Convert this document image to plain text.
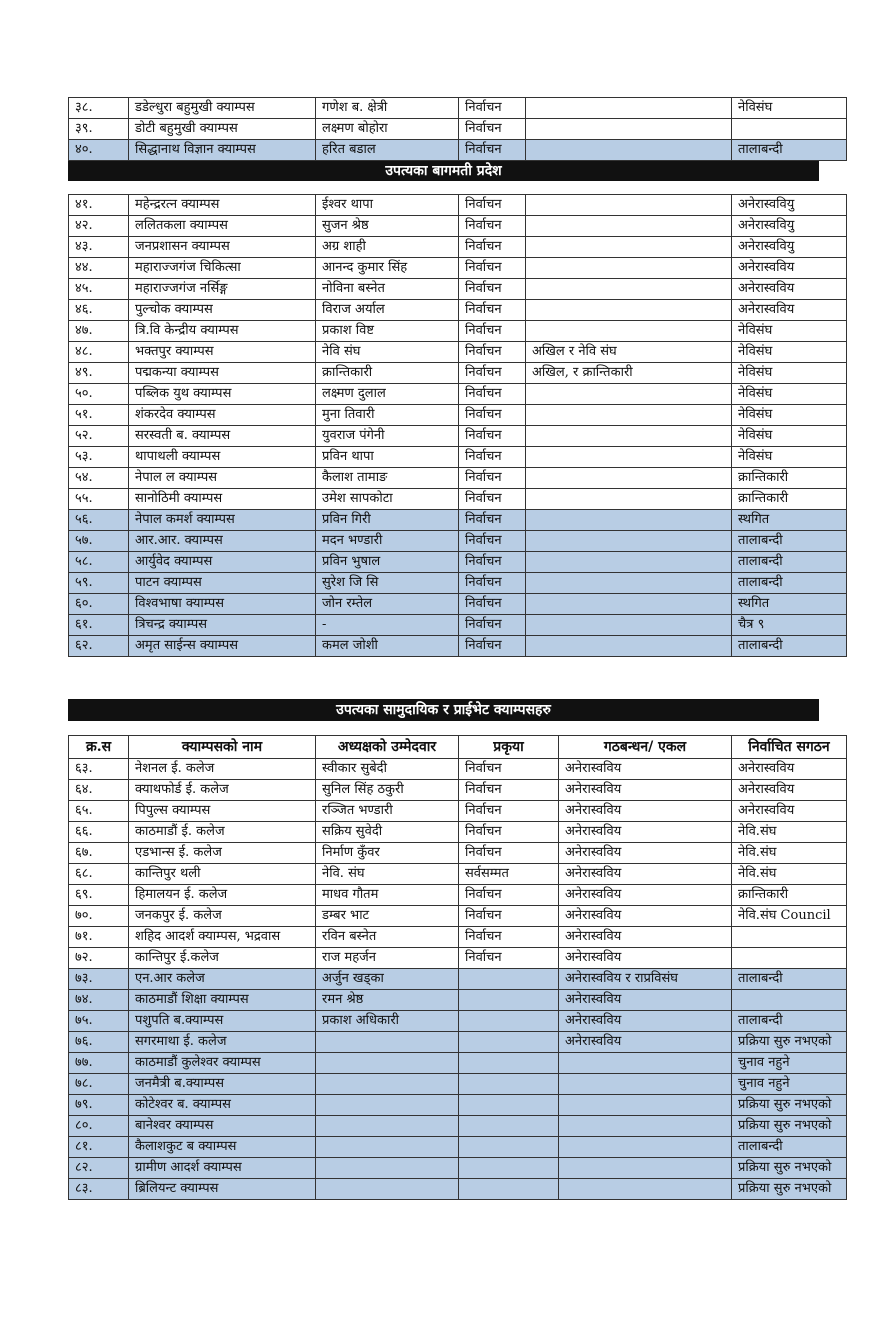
३८.	डडेल्धुरा बहुमुखी क्याम्पस	गणेश ब. क्षेत्री	निर्वाचन		नेविसंघ
३९.	डोटी बहुमुखी क्याम्पस	लक्ष्मण बोहोरा	निर्वाचन		
४०.	सिद्धानाथ विज्ञान क्याम्पस	हरित बडाल	निर्वाचन		तालाबन्दी
उपत्यका बागमती प्रदेश
४१.	महेन्द्ररत्न क्याम्पस	ईश्वर थापा	निर्वाचन		अनेरास्ववियु
४२.	ललितकला क्याम्पस	सुजन श्रेष्ठ	निर्वाचन		अनेरास्ववियु
४३.	जनप्रशासन क्याम्पस	अग्र शाही	निर्वाचन		अनेरास्ववियु
४४.	महाराज्जगंज चिकित्सा	आनन्द कुमार सिंह	निर्वाचन		अनेरास्वविय
४५.	महाराज्जगंज नर्सिङ्ग	नोविना बस्नेत	निर्वाचन		अनेरास्वविय
४६.	पुल्चोक क्याम्पस	विराज अर्याल	निर्वाचन		अनेरास्वविय
४७.	त्रि.वि केन्द्रीय क्याम्पस	प्रकाश विष्ट	निर्वाचन		नेविसंघ
४८.	भक्तपुर क्याम्पस	नेवि संघ	निर्वाचन	अखिल र नेवि संघ	नेविसंघ
४९.	पद्मकन्या क्याम्पस	क्रान्तिकारी	निर्वाचन	अखिल, र क्रान्तिकारी	नेविसंघ
५०.	पब्लिक युथ क्याम्पस	लक्ष्मण दुलाल	निर्वाचन		नेविसंघ
५१.	शंकरदेव क्याम्पस	मुना तिवारी	निर्वाचन		नेविसंघ
५२.	सरस्वती ब. क्याम्पस	युवराज पंगेनी	निर्वाचन		नेविसंघ
५३.	थापाथली क्याम्पस	प्रविन थापा	निर्वाचन		नेविसंघ
५४.	नेपाल ल क्याम्पस	कैलाश तामाङ	निर्वाचन		क्रान्तिकारी
५५.	सानोठिमी क्याम्पस	उमेश सापकोटा	निर्वाचन		क्रान्तिकारी
५६.	नेपाल कमर्श क्याम्पस	प्रविन गिरी	निर्वाचन		स्थगित
५७.	आर.आर. क्याम्पस	मदन भण्डारी	निर्वाचन		तालाबन्दी
५८.	आर्युवेद क्याम्पस	प्रविन भुषाल	निर्वाचन		तालाबन्दी
५९.	पाटन क्याम्पस	सुरेश जि सि	निर्वाचन		तालाबन्दी
६०.	विश्वभाषा क्याम्पस	जोन रम्तेल	निर्वाचन		स्थगित
६१.	त्रिचन्द्र क्याम्पस	-	निर्वाचन		चैत्र ९
६२.	अमृत साईन्स क्याम्पस	कमल जोशी	निर्वाचन		तालाबन्दी
उपत्यका सामुदायिक र प्राईभेट क्याम्पसहरु
क्र.स	क्याम्पसको नाम	अध्यक्षको उम्मेदवार	प्रकृया	गठबन्धन/ एकल	निर्वाचित सगठन
६३.	नेशनल ई. कलेज	स्वीकार सुबेदी	निर्वाचन	अनेरास्वविय	अनेरास्वविय
६४.	क्याथफोर्ड ई. कलेज	सुनिल सिंह ठकुरी	निर्वाचन	अनेरास्वविय	अनेरास्वविय
६५.	पिपुल्स क्याम्पस	रञ्जित भण्डारी	निर्वाचन	अनेरास्वविय	अनेरास्वविय
६६.	काठमाडौं ई. कलेज	सक्रिय सुवेदी	निर्वाचन	अनेरास्वविय	नेवि.संघ
६७.	एडभान्स ई. कलेज	निर्माण कुँवर	निर्वाचन	अनेरास्वविय	नेवि.संघ
६८.	कान्तिपुर थली	नेवि. संघ	सर्वसम्मत	अनेरास्वविय	नेवि.संघ
६९.	हिमालयन ई. कलेज	माधव गौतम	निर्वाचन	अनेरास्वविय	क्रान्तिकारी
७०.	जनकपुर ई. कलेज	डम्बर भाट	निर्वाचन	अनेरास्वविय	नेवि.संघ Council
७१.	शहिद आदर्श क्याम्पस, भद्रवास	रविन बस्नेत	निर्वाचन	अनेरास्वविय	
७२.	कान्तिपुर ई.कलेज	राज महर्जन	निर्वाचन	अनेरास्वविय	
७३.	एन.आर कलेज	अर्जुन खड्का		अनेरास्वविय र राप्रविसंघ	तालाबन्दी
७४.	काठमाडौं शिक्षा क्याम्पस	रमन श्रेष्ठ		अनेरास्वविय	
७५.	पशुपति ब.क्याम्पस	प्रकाश अधिकारी		अनेरास्वविय	तालाबन्दी
७६.	सगरमाथा ई. कलेज			अनेरास्वविय	प्रक्रिया सुरु नभएको
७७.	काठमाडौं कुलेश्वर क्याम्पस				चुनाव नहुने
७८.	जनमैत्री ब.क्याम्पस				चुनाव नहुने
७९.	कोटेश्वर ब. क्याम्पस				प्रक्रिया सुरु नभएको
८०.	बानेश्वर क्याम्पस				प्रक्रिया सुरु नभएको
८१.	कैलाशकुट ब क्याम्पस				तालाबन्दी
८२.	ग्रामीण आदर्श क्याम्पस				प्रक्रिया सुरु नभएको
८३.	ब्रिलियन्ट क्याम्पस				प्रक्रिया सुरु नभएको
